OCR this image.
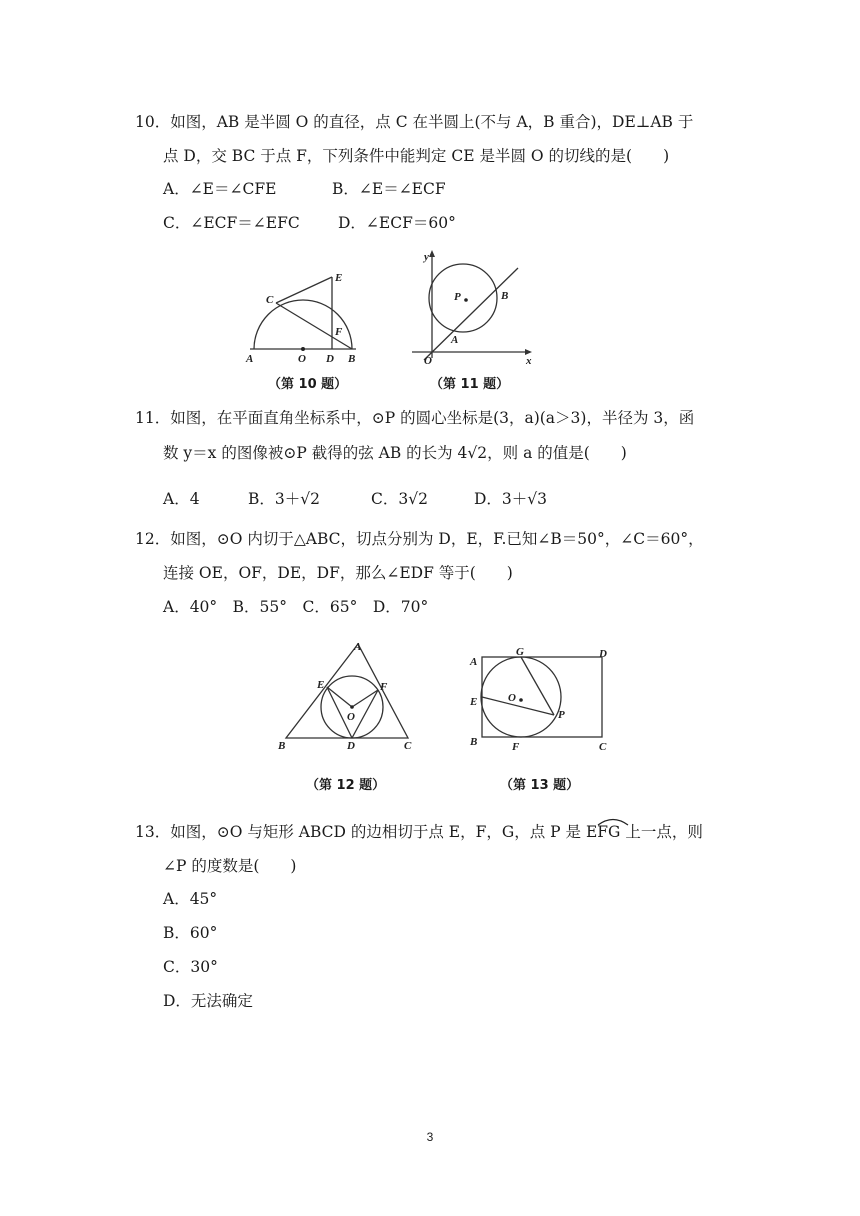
10．如图，AB 是半圆 O 的直径，点 C 在半圆上(不与 A，B 重合)，DE⊥AB 于
点 D，交 BC 于点 F，下列条件中能判定 CE 是半圆 O 的切线的是(　　)
A．∠E＝∠CFE	B．∠E＝∠ECF
C．∠ECF＝∠EFC D．∠ECF＝60°
A	O D B
C
E
F
y
x
O
P
A
B
（第 10 题）	（第 11 题）
11．如图，在平面直角坐标系中，⊙P 的圆心坐标是(3，a)(a＞3)，半径为 3，函
数 y＝x 的图像被⊙P 截得的弦 AB 的长为 4√2，则 a 的值是(　　)
A．4	B．3＋√2	C．3√2	D．3＋√3
12．如图，⊙O 内切于△ABC，切点分别为 D，E，F.已知∠B＝50°，∠C＝60°，
连接 OE，OF，DE，DF，那么∠EDF 等于(　　)
A．40°　B．55°　C．65°　D．70°
A
B	C
D
E	F
O
A
G	D
E	O
P
B	F	C
（第 12 题）	（第 13 题）
13．如图，⊙O 与矩形 ABCD 的边相切于点 E，F，G，点 P 是 EFG 上一点，则
∠P 的度数是(　　)
A．45°
B．60°
C．30°
D．无法确定
3
